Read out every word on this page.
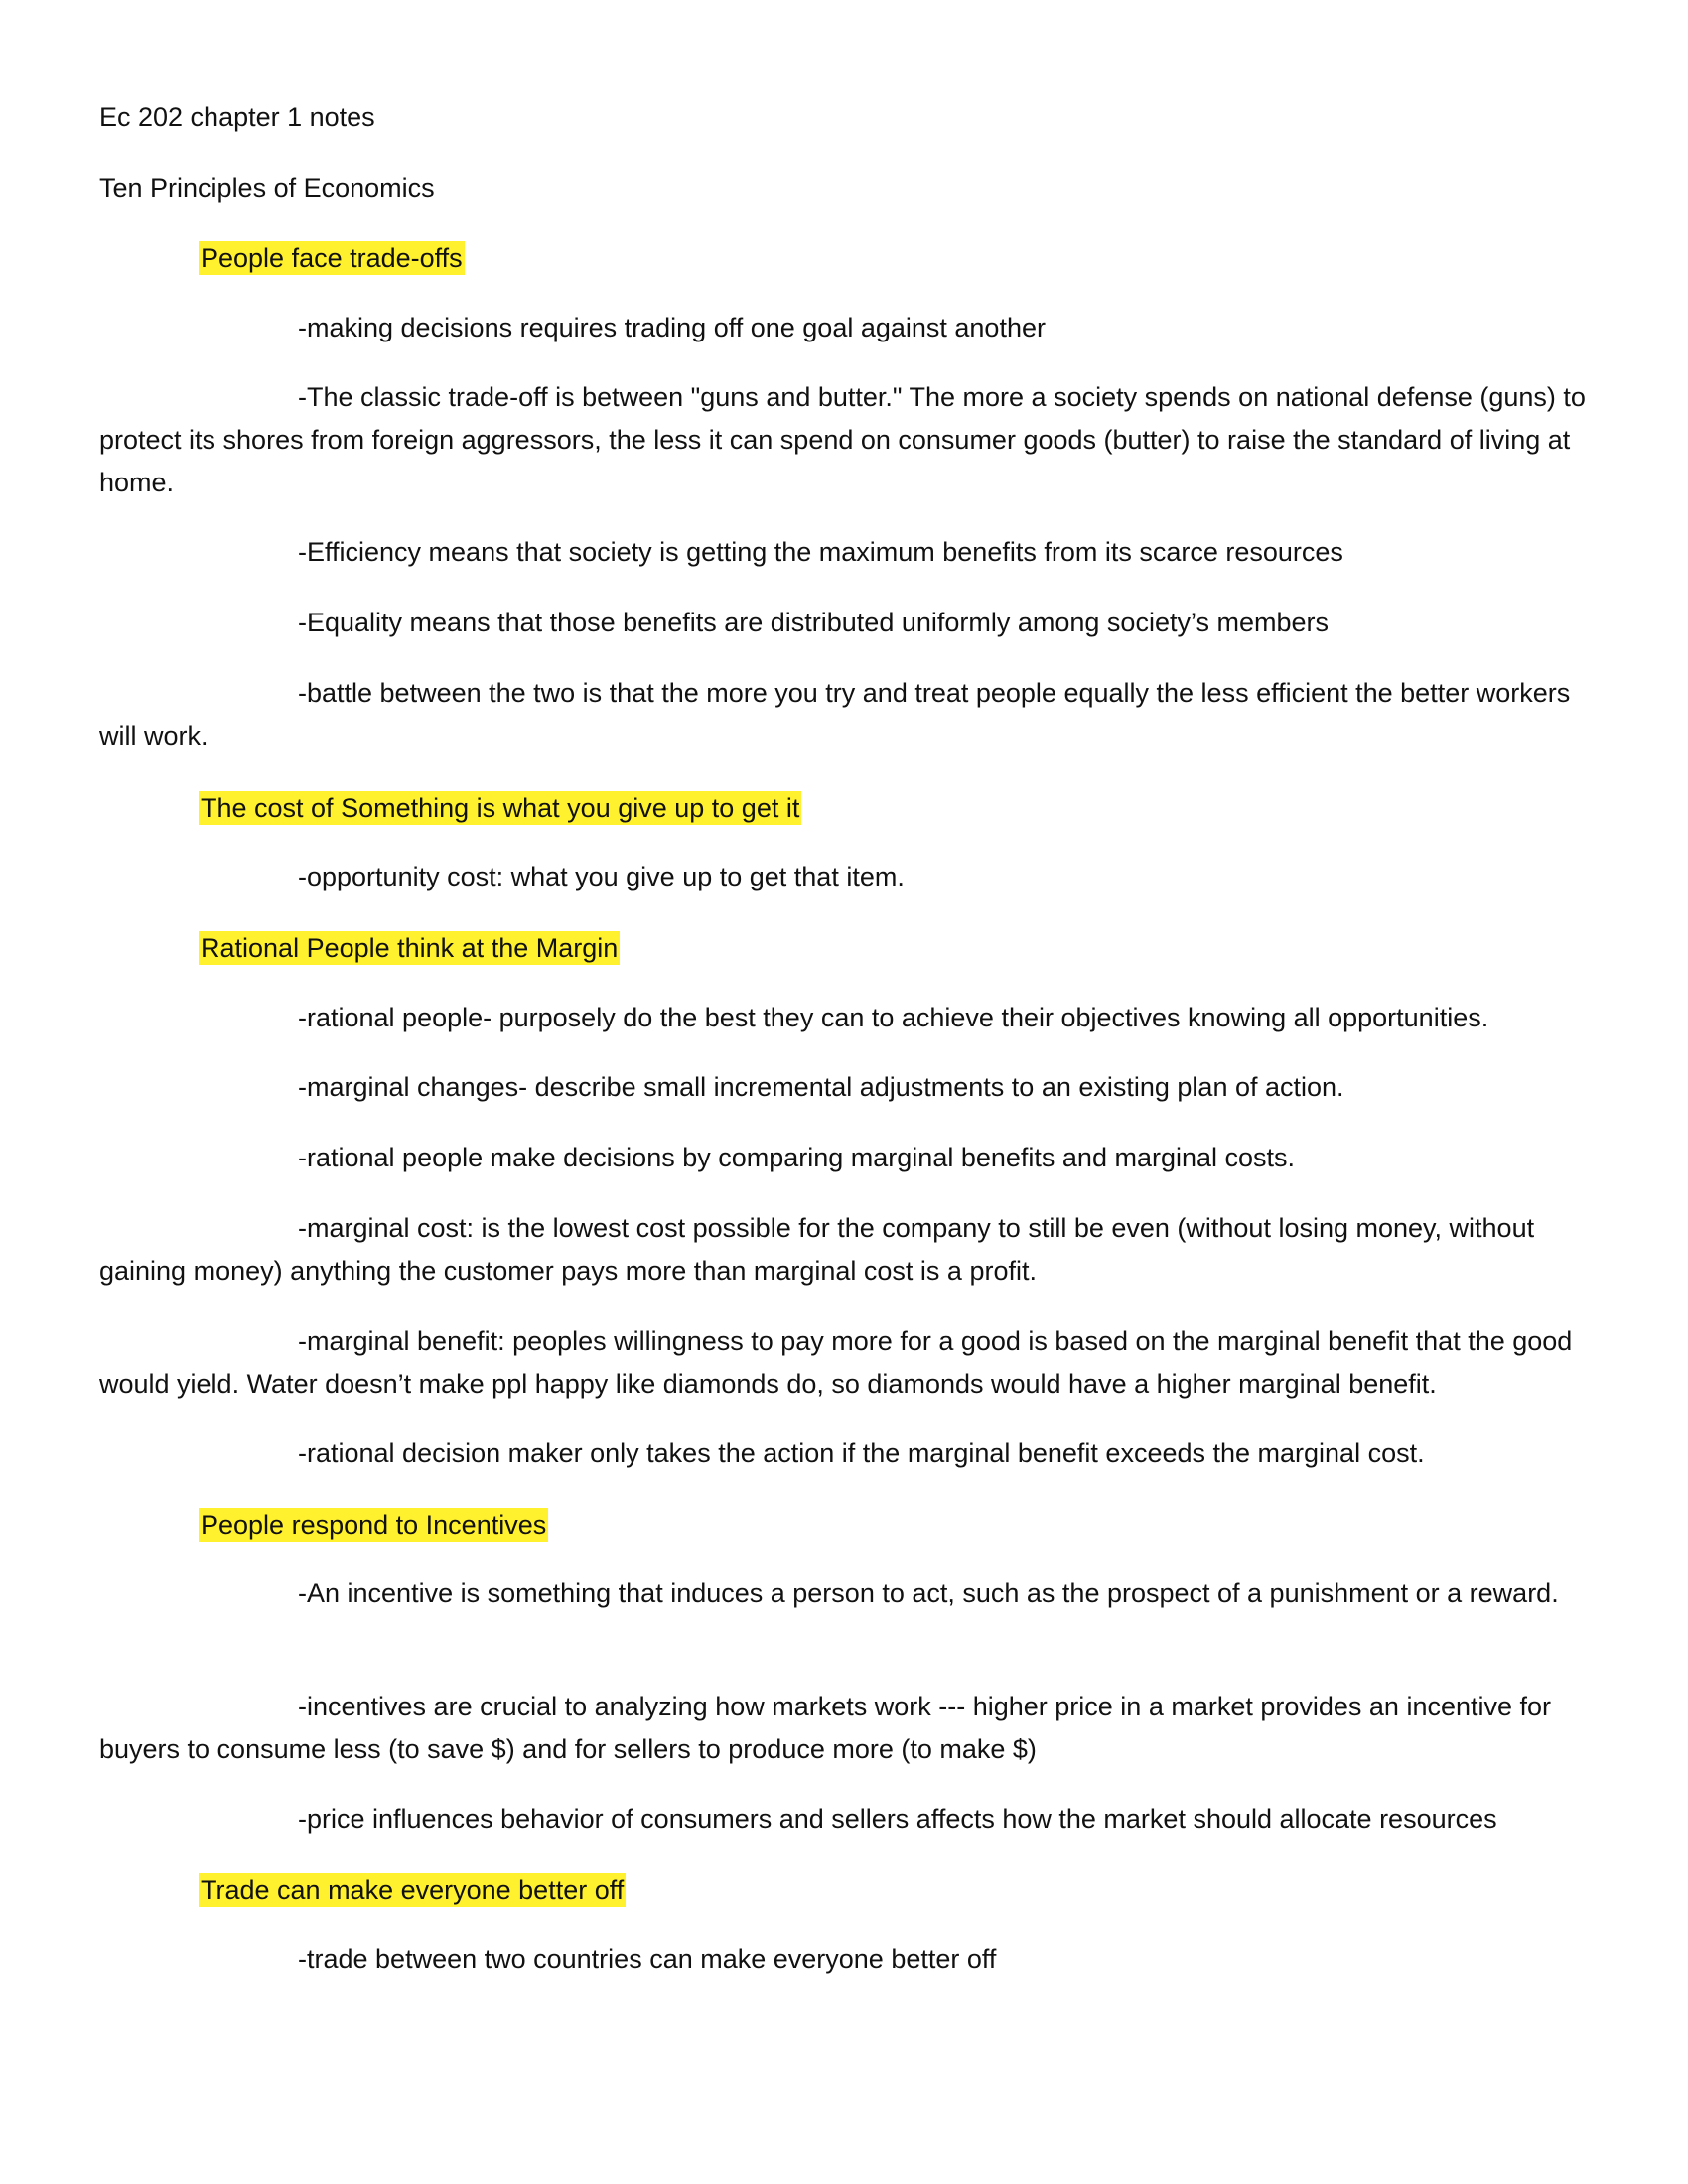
Ec 202 chapter 1 notes
Ten Principles of Economics
People face trade-offs

-making decisions requires trading off one goal against another

-The classic trade-off is between "guns and butter." The more a society spends on national defense (guns) to protect its shores from foreign aggressors, the less it can spend on consumer goods (butter) to raise the standard of living at home.

-Efficiency means that society is getting the maximum benefits from its scarce resources

-Equality means that those benefits are distributed uniformly among society’s members

-battle between the two is that the more you try and treat people equally the less efficient the better workers will work.

The cost of Something is what you give up to get it

-opportunity cost: what you give up to get that item.

Rational People think at the Margin

-rational people- purposely do the best they can to achieve their objectives knowing all opportunities.

-marginal changes- describe small incremental adjustments to an existing plan of action.

-rational people make decisions by comparing marginal benefits and marginal costs.

-marginal cost: is the lowest cost possible for the company to still be even (without losing money, without gaining money) anything the customer pays more than marginal cost is a profit.

-marginal benefit: peoples willingness to pay more for a good is based on the marginal benefit that the good would yield. Water doesn’t make ppl happy like diamonds do, so diamonds would have a higher marginal benefit.

-rational decision maker only takes the action if the marginal benefit exceeds the marginal cost.

People respond to Incentives

-An incentive is something that induces a person to act, such as the prospect of a punishment or a reward.

-incentives are crucial to analyzing how markets work --- higher price in a market provides an incentive for buyers to consume less (to save $) and for sellers to produce more (to make $)

-price influences behavior of consumers and sellers affects how the market should allocate resources

Trade can make everyone better off

-trade between two countries can make everyone better off
